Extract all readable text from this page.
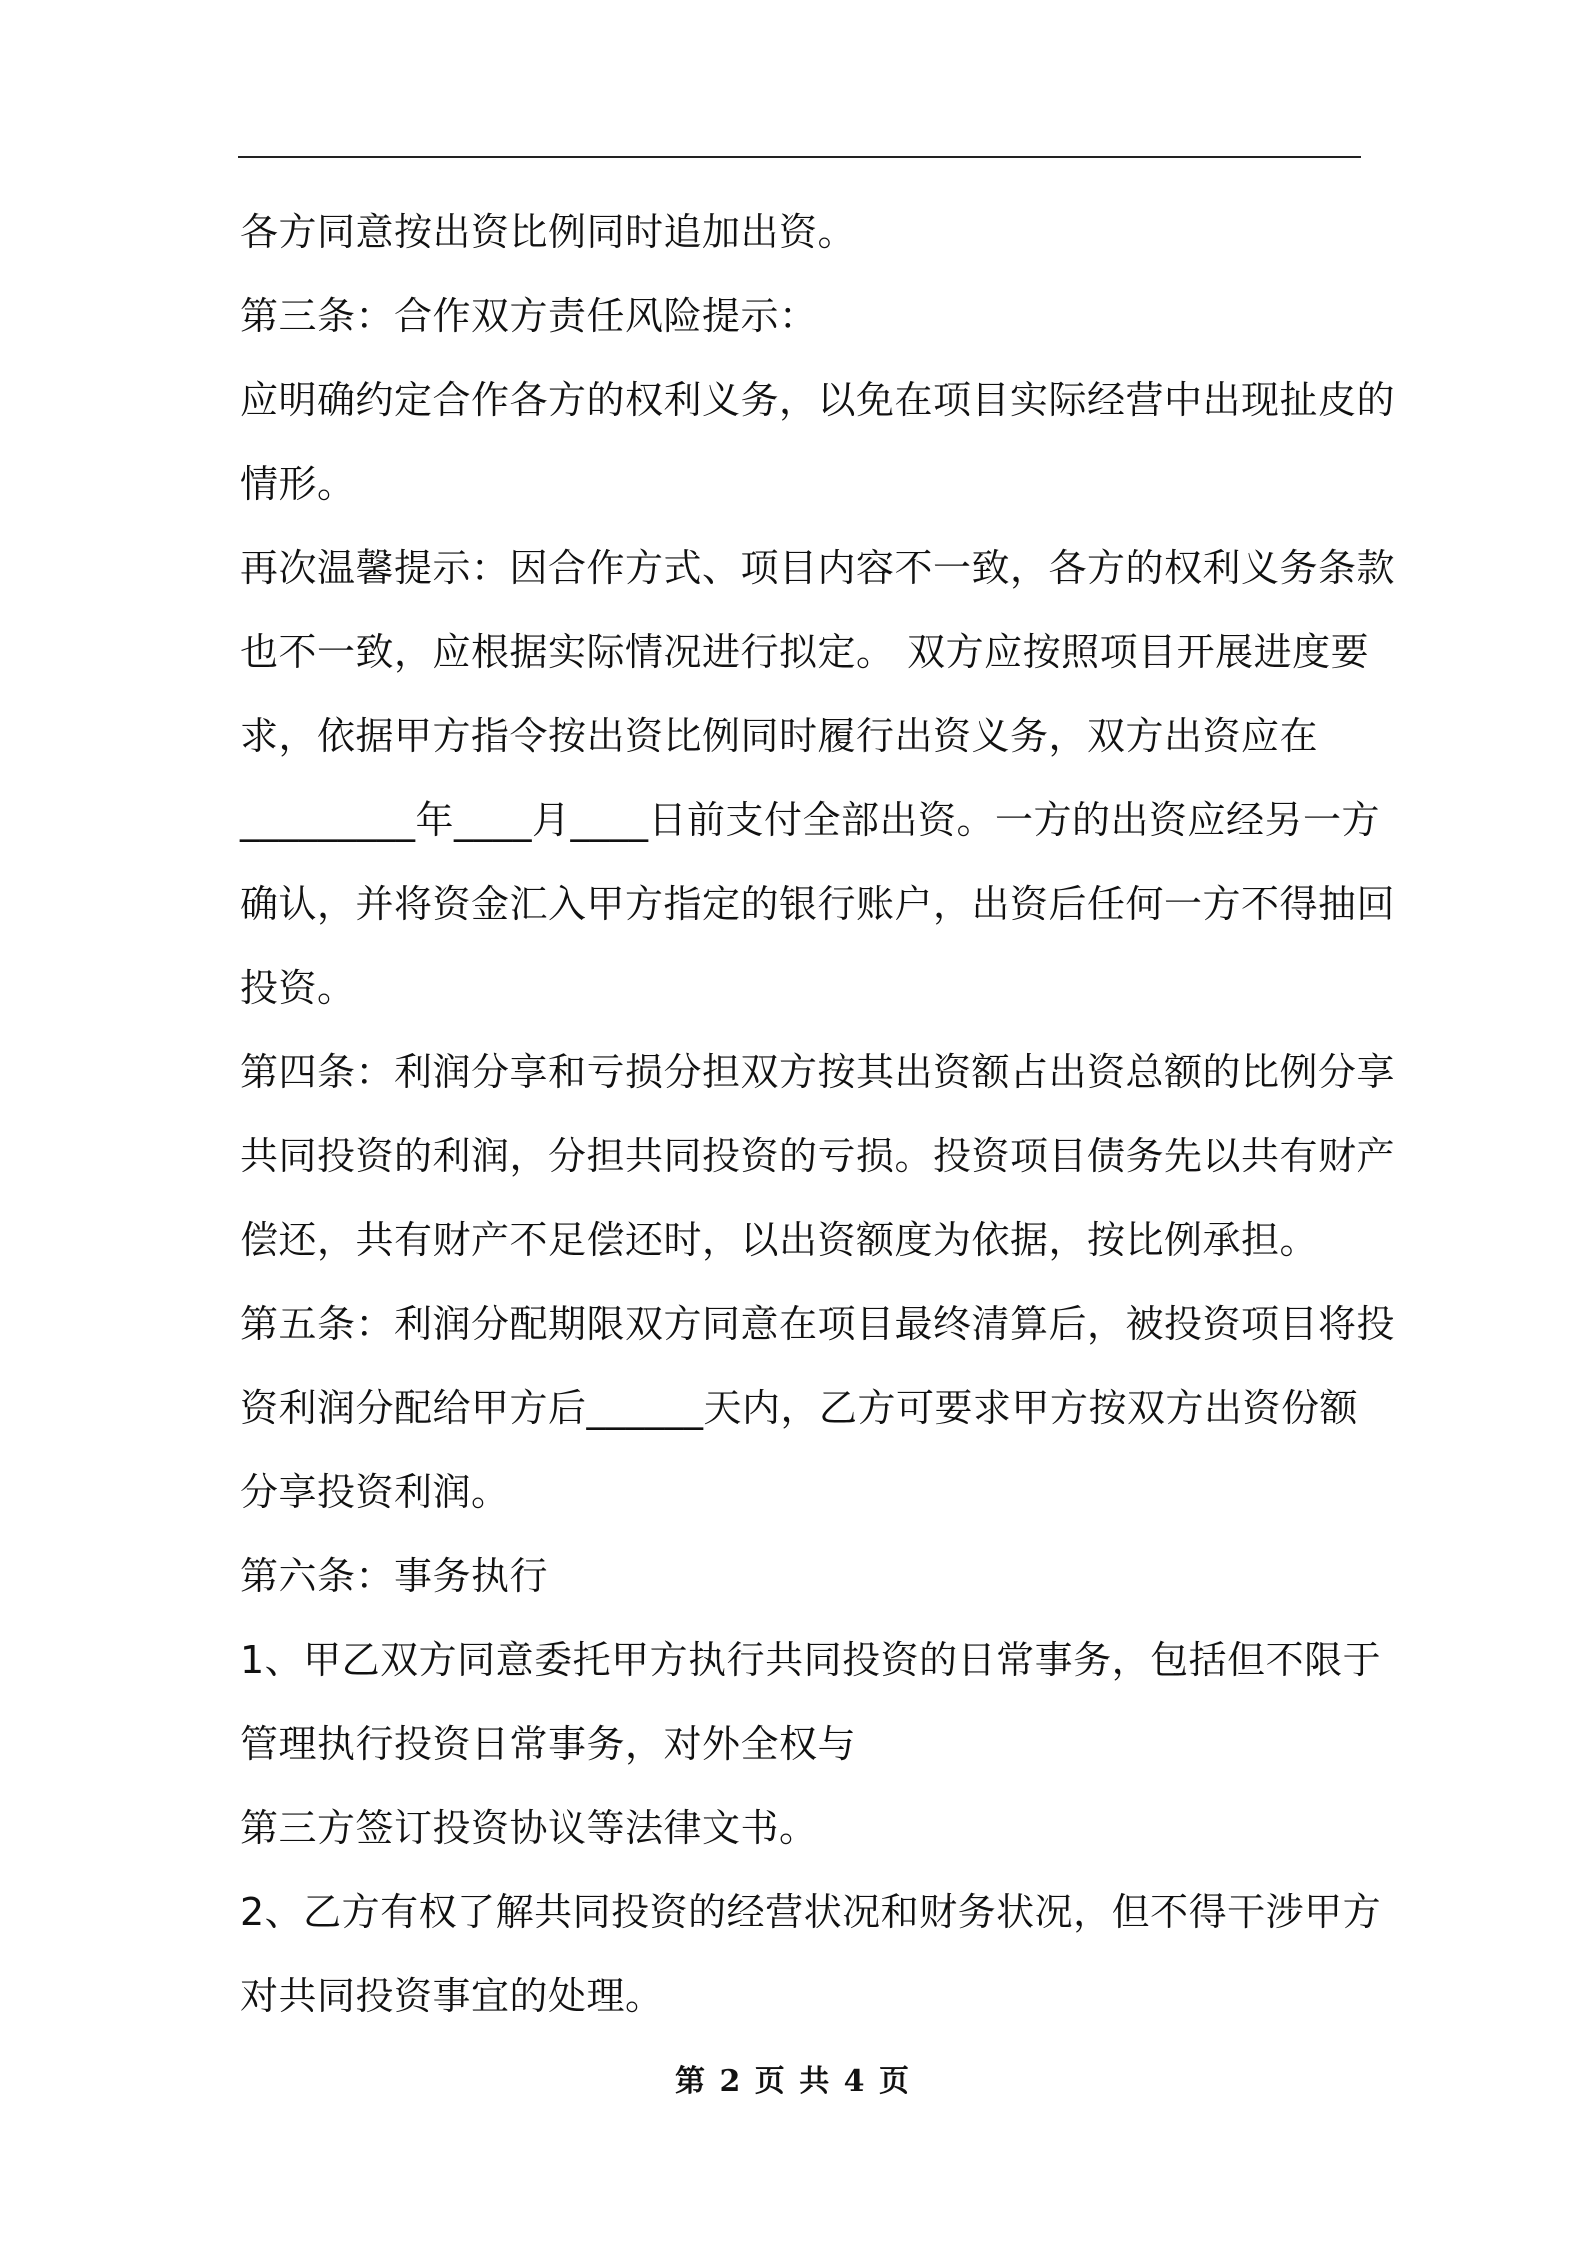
各方同意按出资比例同时追加出资。
第三条：合作双方责任风险提示：
应明确约定合作各方的权利义务，以免在项目实际经营中出现扯皮的
情形。
再次温馨提示：因合作方式、项目内容不一致，各方的权利义务条款
也不一致，应根据实际情况进行拟定。 双方应按照项目开展进度要
求，依据甲方指令按出资比例同时履行出资义务，双方出资应在
_________年____月____日前支付全部出资。一方的出资应经另一方
确认，并将资金汇入甲方指定的银行账户，出资后任何一方不得抽回
投资。
第四条：利润分享和亏损分担双方按其出资额占出资总额的比例分享
共同投资的利润，分担共同投资的亏损。投资项目债务先以共有财产
偿还，共有财产不足偿还时，以出资额度为依据，按比例承担。
第五条：利润分配期限双方同意在项目最终清算后，被投资项目将投
资利润分配给甲方后______天内，乙方可要求甲方按双方出资份额
分享投资利润。
第六条：事务执行
1、甲乙双方同意委托甲方执行共同投资的日常事务，包括但不限于
管理执行投资日常事务，对外全权与
第三方签订投资协议等法律文书。
2、乙方有权了解共同投资的经营状况和财务状况，但不得干涉甲方
对共同投资事宜的处理。
第 2 页 共 4 页
